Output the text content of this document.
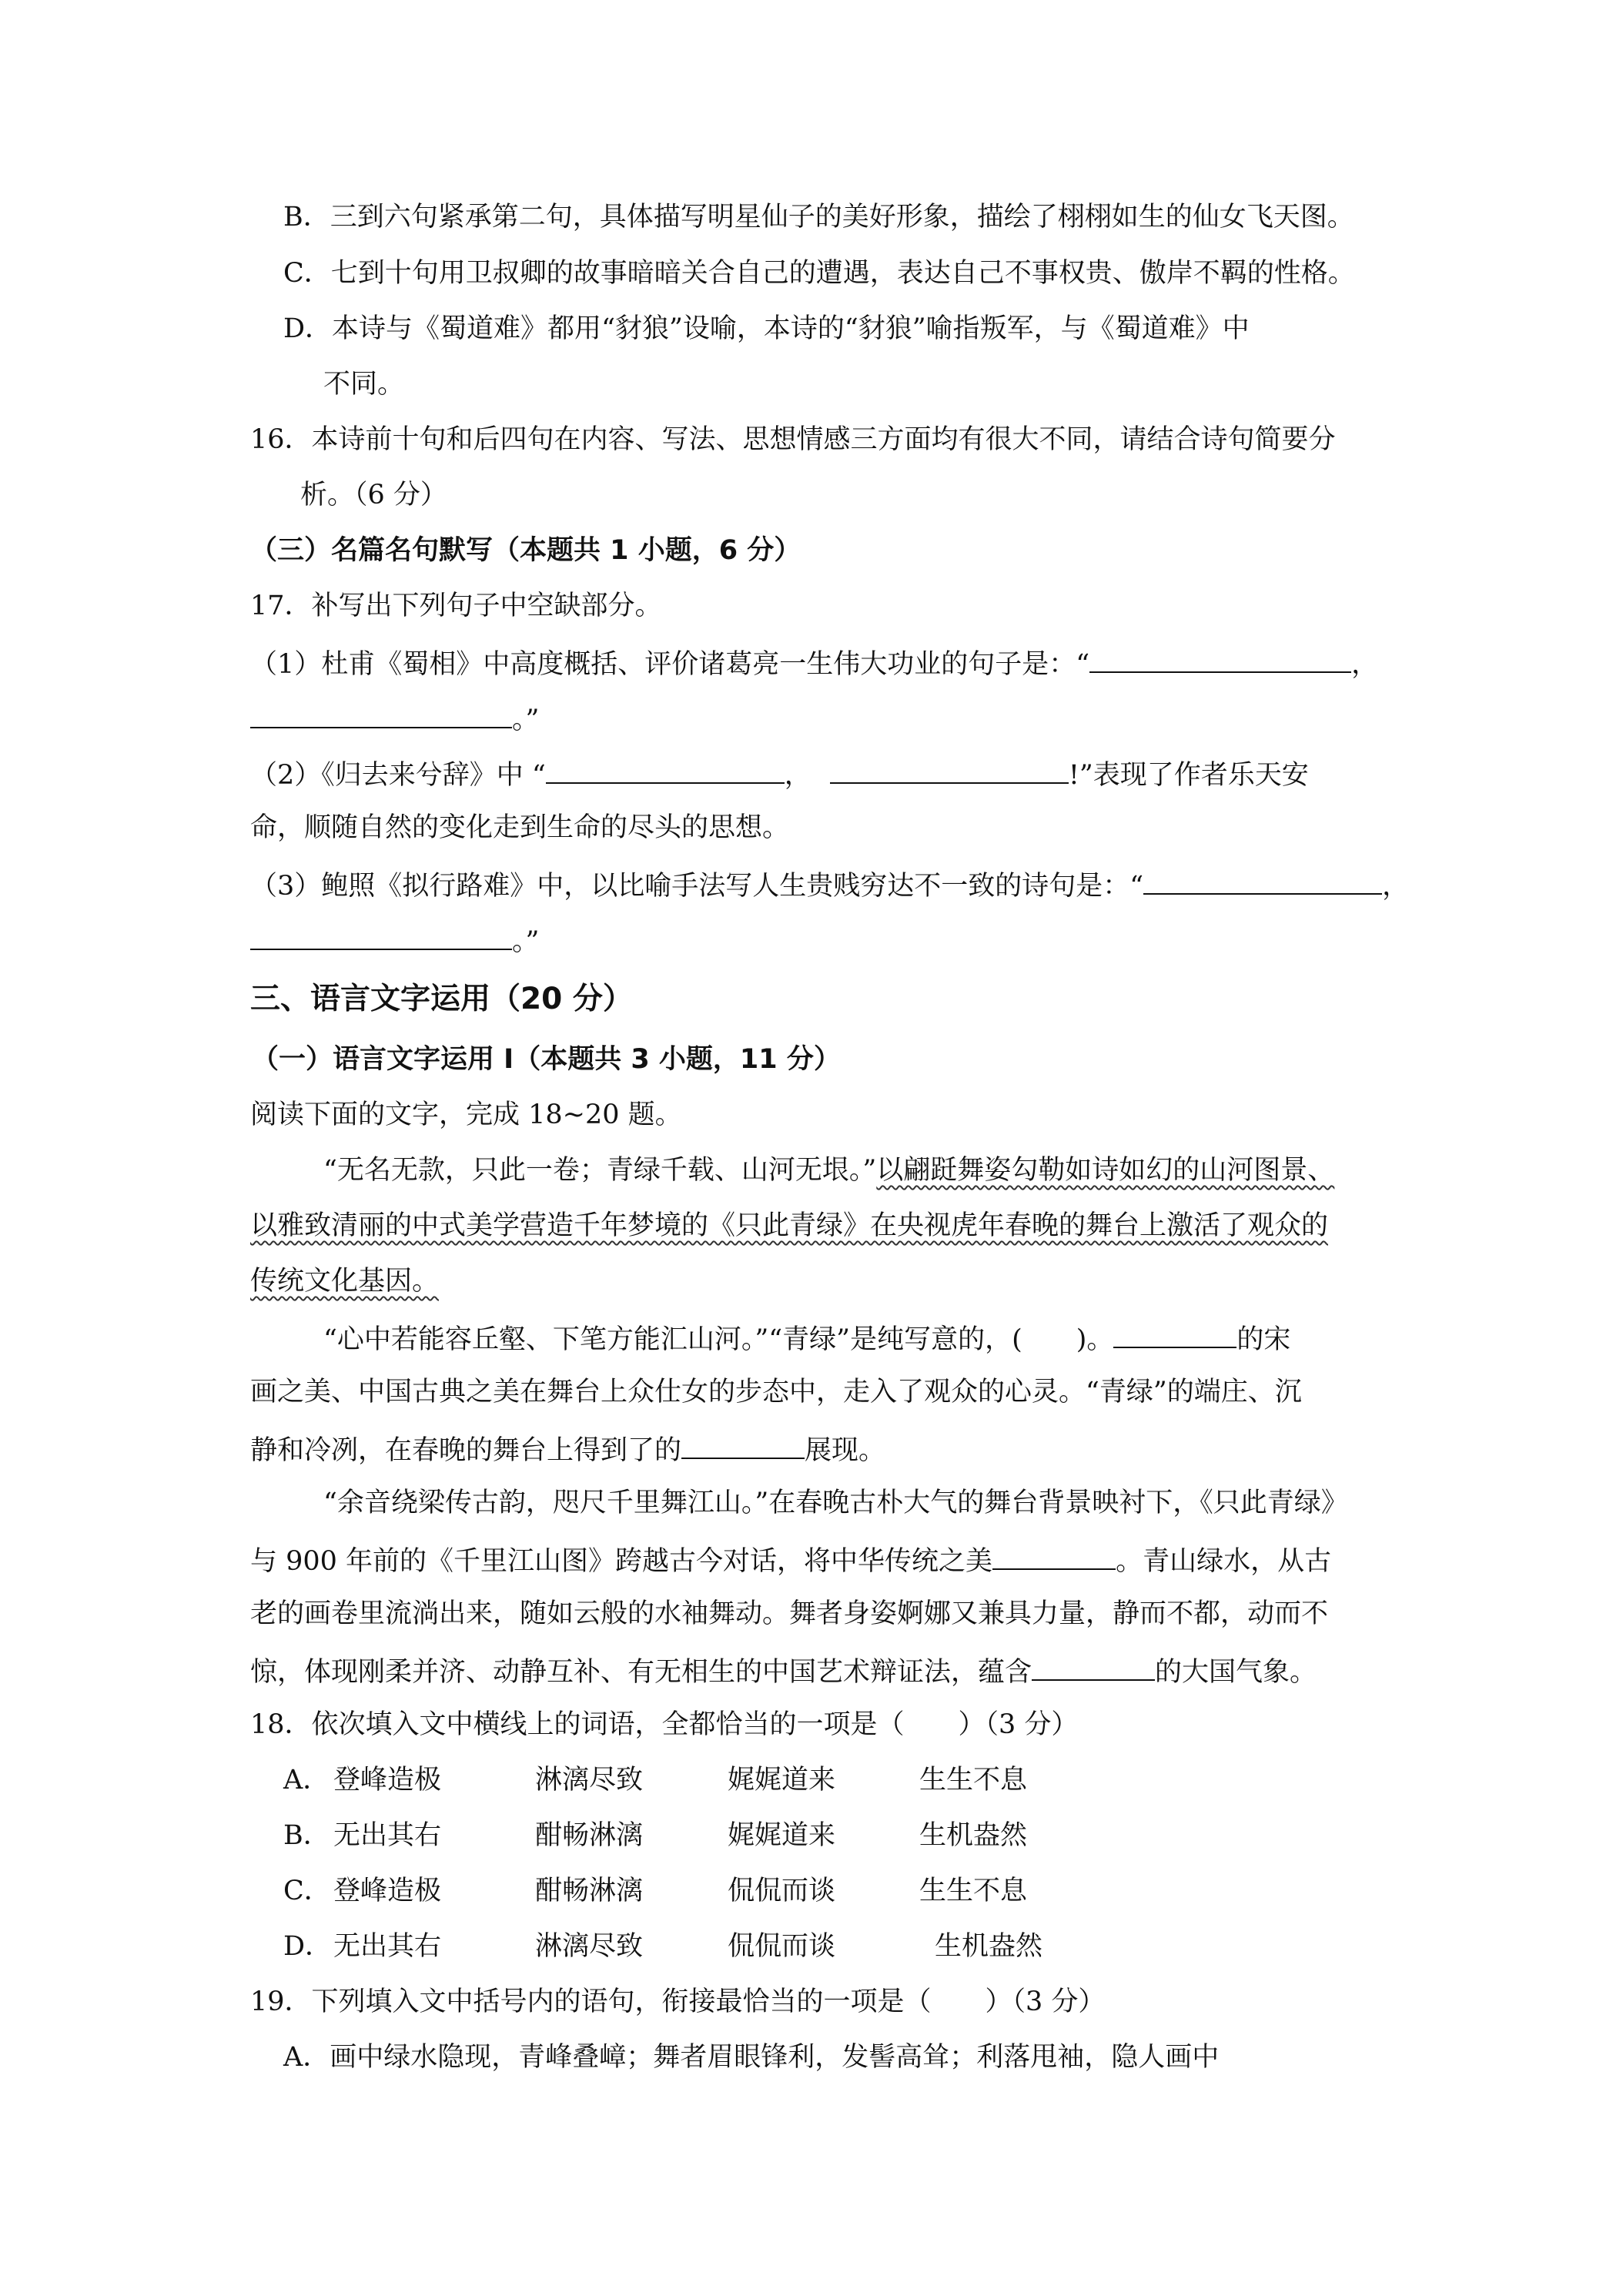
B．三到六句紧承第二句，具体描写明星仙子的美好形象，描绘了栩栩如生的仙女飞天图。
C．七到十句用卫叔卿的故事暗暗关合自己的遭遇，表达自己不事权贵、傲岸不羁的性格。
D．本诗与《蜀道难》都用“豺狼”设喻，本诗的“豺狼”喻指叛军，与《蜀道难》中
不同。
16．本诗前十句和后四句在内容、写法、思想情感三方面均有很大不同，请结合诗句简要分
析。（6 分）
（三）名篇名句默写（本题共 1 小题，6 分）
17．补写出下列句子中空缺部分。
（1）杜甫《蜀相》中高度概括、评价诸葛亮一生伟大功业的句子是：“	，
。”
（2）《归去来兮辞》中 “	，	!”表现了作者乐天安
命，顺随自然的变化走到生命的尽头的思想。
（3）鲍照《拟行路难》中，以比喻手法写人生贵贱穷达不一致的诗句是：“	，
。”
三、语言文字运用（20 分）
（一）语言文字运用 I（本题共 3 小题，11 分）
阅读下面的文字，完成 18~20 题。
“无名无款，只此一卷；青绿千载、山河无垠。”以翩跹舞姿勾勒如诗如幻的山河图景、
以雅致清丽的中式美学营造千年梦境的《只此青绿》在央视虎年春晚的舞台上激活了观众的
传统文化基因。
“心中若能容丘壑、下笔方能汇山河。”“青绿”是纯写意的，(　　)。	的宋
画之美、中国古典之美在舞台上众仕女的步态中，走入了观众的心灵。“青绿”的端庄、沉
静和冷冽，在春晚的舞台上得到了的	展现。
“余音绕梁传古韵，咫尺千里舞江山。”在春晚古朴大气的舞台背景映衬下，《只此青绿》
与 900 年前的《千里江山图》跨越古今对话，将中华传统之美	。青山绿水，从古
老的画卷里流淌出来，随如云般的水袖舞动。舞者身姿婀娜又兼具力量，静而不都，动而不
惊，体现刚柔并济、动静互补、有无相生的中国艺术辩证法，蕴含	的大国气象。
18．依次填入文中横线上的词语，全都恰当的一项是（　　）（3 分）
A． 登峰造极	淋漓尽致	娓娓道来	生生不息
B． 无出其右	酣畅淋漓	娓娓道来	生机盎然
C．登峰造极	酣畅淋漓	侃侃而谈	生生不息
D．无出其右	淋漓尽致	侃侃而谈	生机盎然
19．下列填入文中括号内的语句，衔接最恰当的一项是（　　）（3 分）
A．画中绿水隐现，青峰叠嶂；舞者眉眼锋利，发髻高耸；利落甩袖，隐人画中
